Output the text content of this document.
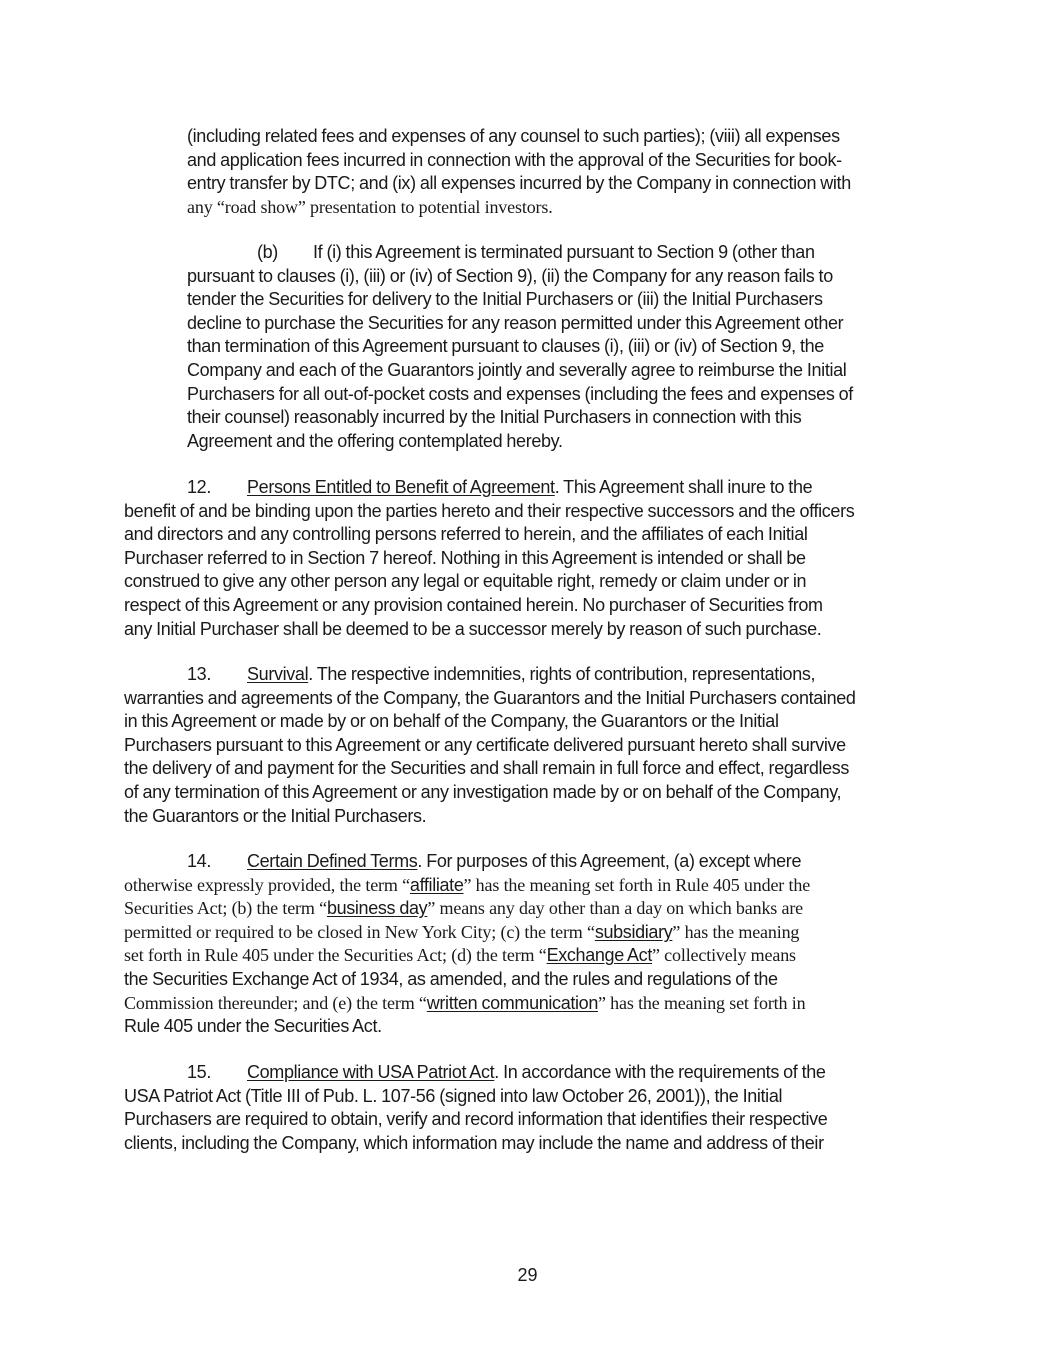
(including related fees and expenses of any counsel to such parties); (viii) all expenses
and application fees incurred in connection with the approval of the Securities for book-
entry transfer by DTC; and (ix) all expenses incurred by the Company in connection with
any “road show” presentation to potential investors.
(b) If (i) this Agreement is terminated pursuant to Section 9 (other than
pursuant to clauses (i), (iii) or (iv) of Section 9), (ii) the Company for any reason fails to
tender the Securities for delivery to the Initial Purchasers or (iii) the Initial Purchasers
decline to purchase the Securities for any reason permitted under this Agreement other
than termination of this Agreement pursuant to clauses (i), (iii) or (iv) of Section 9, the
Company and each of the Guarantors jointly and severally agree to reimburse the Initial
Purchasers for all out-of-pocket costs and expenses (including the fees and expenses of
their counsel) reasonably incurred by the Initial Purchasers in connection with this
Agreement and the offering contemplated hereby.
12. Persons Entitled to Benefit of Agreement. This Agreement shall inure to the
benefit of and be binding upon the parties hereto and their respective successors and the officers
and directors and any controlling persons referred to herein, and the affiliates of each Initial
Purchaser referred to in Section 7 hereof. Nothing in this Agreement is intended or shall be
construed to give any other person any legal or equitable right, remedy or claim under or in
respect of this Agreement or any provision contained herein. No purchaser of Securities from
any Initial Purchaser shall be deemed to be a successor merely by reason of such purchase.
13. Survival. The respective indemnities, rights of contribution, representations,
warranties and agreements of the Company, the Guarantors and the Initial Purchasers contained
in this Agreement or made by or on behalf of the Company, the Guarantors or the Initial
Purchasers pursuant to this Agreement or any certificate delivered pursuant hereto shall survive
the delivery of and payment for the Securities and shall remain in full force and effect, regardless
of any termination of this Agreement or any investigation made by or on behalf of the Company,
the Guarantors or the Initial Purchasers.
14. Certain Defined Terms. For purposes of this Agreement, (a) except where
otherwise expressly provided, the term “affiliate” has the meaning set forth in Rule 405 under the
Securities Act; (b) the term “business day” means any day other than a day on which banks are
permitted or required to be closed in New York City; (c) the term “subsidiary” has the meaning
set forth in Rule 405 under the Securities Act; (d) the term “Exchange Act” collectively means
the Securities Exchange Act of 1934, as amended, and the rules and regulations of the
Commission thereunder; and (e) the term “written communication” has the meaning set forth in
Rule 405 under the Securities Act.
15. Compliance with USA Patriot Act. In accordance with the requirements of the
USA Patriot Act (Title III of Pub. L. 107-56 (signed into law October 26, 2001)), the Initial
Purchasers are required to obtain, verify and record information that identifies their respective
clients, including the Company, which information may include the name and address of their
29
